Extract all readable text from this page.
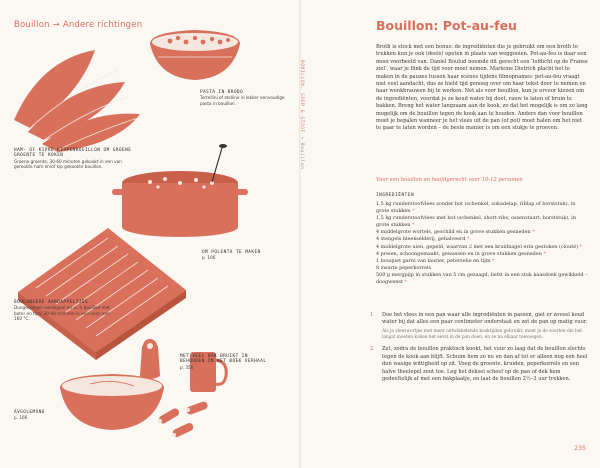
Bouillon → Andere richtingen
PASTA IN BRODO
Tortellini of stelline in lekker eenvoudige pasta in bouillon.
HAM- OF KIPKE KIPPENBOUILLON OM GROENE GROENTE TE KOKEN
Groene groente, 30-60 minuten gekookt in een van gerookte ham en/of kip gekookte bouillon.
OM POLENTA TE MAKEN
p. 106
BOULANGÈRE AARDAPPELTJES
Dungesneden aardappel en ui in bouillon met boter en tijm, 30-40 minuten in een oven van 160 °C.
MET VEEL OOK BRUIKT IN BEHOUDEN IN HET BOEK VERHAAL
p. 356
AVGOLEMONO
p. 166
BOUILLON, SOEP & STOOF → Bouillon
Bouillon: Pot-au-feu

Broth is stock met een bonus: de ingrediënten die je gebruikt om een broth te trekken kun je ook (deels) opeten in plaats van weggooien. Pot-au-feu is daar een mooi voorbeeld van. Daniel Boulud noemde dit gerecht een ‘lofdicht op de Franse ziel’, waar je flink de tijd voor moet nemen. Marleine Dietrich placht het te maken in de pauzes tussen haar scènes tijdens filmopnames: pot-au-feu vraagt niet veel aandacht, dus ze hield tijd genoeg over om haar tekst door te nemen en haar wenkbrauwen bij te werken. Net als voor bouillon, kun je ervoor kiezen om de ingrediënten, voordat je ze koud water bij doet, rauw te laten of bruin te bakken. Breng het water langzaam aan de kook, zo dat het mogelijk is om zo lang mogelijk om de bouillon tegen de kook aan te houden. Anders dan voor bouillon moet je bepalen wanneer je het vlees uit de pan (of pot) moet halen om het niet te gaar te laten worden – de beste manier is om een stukje te proeven.

Voor een bouillon en hoofdgerecht voor 10-12 personen

INGREDIËNTEN
1,5 kg runderstoofvlees zonder bot (schenkel, sukadelap, riblap of borststuk), in grote stukken *
1,5 kg runderstoofvlees met bot (schenkel, short-ribs, ossenstaart, borststuk), in grote stukken *
4 middelgrote wortels, geschild en in grove stukken gesneden *
4 stengels bleekselderij, gehalveerd *
4 middelgrote uien, gepeld, waarvan 2 met een kruidnagel erin gestoken (clouté) *
4 preien, schoongemaakt, gewassen en in grove stukken gesneden *
1 bouquet garni van laurier, peterselie en tijm *
8 zwarte peperkorrels
500 g mergpijp in stukken van 5 cm gezaagd, liefst in een stuk kaasdoek gewikkeld – doogwenst *
1 Doe het vlees in een pan waar alle ingrediënten in passen, giet er zoveel koud water bij dat alles een paar centimeter onderstaat en zet de pan op matig vuur.
Als je vleeswortjes met meer ontwikkelende kooktijden gebruikt, moet je de soorten die het langst moeten koken het eerst in de pan doen, en ze na elkaar toevoegen.
2 Zet, zodra de bouillon praktisch kookt, het vuur zo laag dat de bouillon slechts tegen de kook aan blijft. Schuim hem zo nu en dan af tot er alleen nog een heel dun wasige wittigheid op zit. Voeg de groente, kruiden, peperkorrels en een halve theelepel zout toe. Leg het deksel scheef op de pan of dek hem gedeeltelijk af met een bakplaatje, en laat de bouillon 2½–3 uur trekken.
235
